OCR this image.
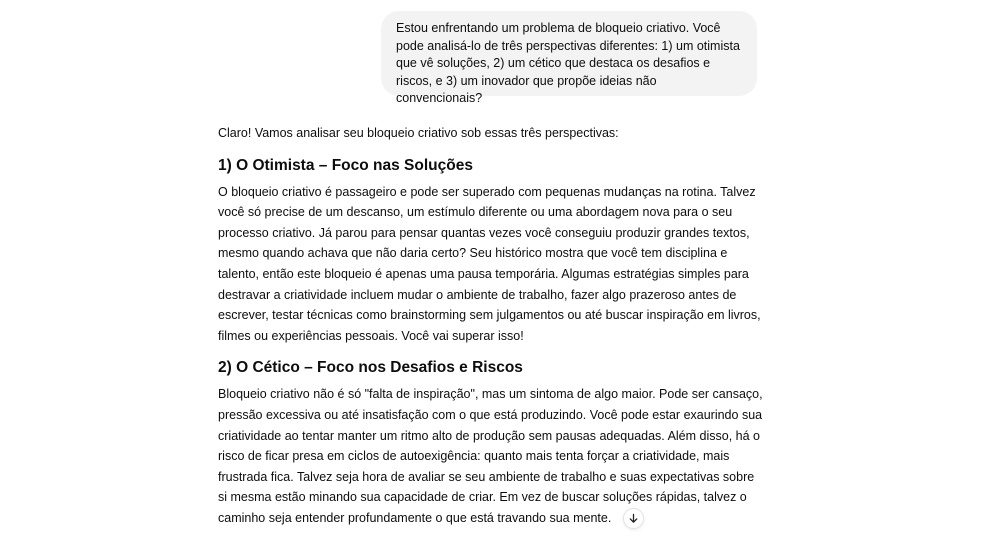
Estou enfrentando um problema de bloqueio criativo. Você pode analisá-lo de três perspectivas diferentes: 1) um otimista que vê soluções, 2) um cético que destaca os desafios e riscos, e 3) um inovador que propõe ideias não convencionais?

Claro! Vamos analisar seu bloqueio criativo sob essas três perspectivas:

1) O Otimista – Foco nas Soluções

O bloqueio criativo é passageiro e pode ser superado com pequenas mudanças na rotina. Talvez você só precise de um descanso, um estímulo diferente ou uma abordagem nova para o seu processo criativo. Já parou para pensar quantas vezes você conseguiu produzir grandes textos, mesmo quando achava que não daria certo? Seu histórico mostra que você tem disciplina e talento, então este bloqueio é apenas uma pausa temporária. Algumas estratégias simples para destravar a criatividade incluem mudar o ambiente de trabalho, fazer algo prazeroso antes de escrever, testar técnicas como brainstorming sem julgamentos ou até buscar inspiração em livros, filmes ou experiências pessoais. Você vai superar isso!

2) O Cético – Foco nos Desafios e Riscos

Bloqueio criativo não é só "falta de inspiração", mas um sintoma de algo maior. Pode ser cansaço, pressão excessiva ou até insatisfação com o que está produzindo. Você pode estar exaurindo sua criatividade ao tentar manter um ritmo alto de produção sem pausas adequadas. Além disso, há o risco de ficar presa em ciclos de autoexigência: quanto mais tenta forçar a criatividade, mais frustrada fica. Talvez seja hora de avaliar se seu ambiente de trabalho e suas expectativas sobre si mesma estão minando sua capacidade de criar. Em vez de buscar soluções rápidas, talvez o caminho seja entender profundamente o que está travando sua mente.
